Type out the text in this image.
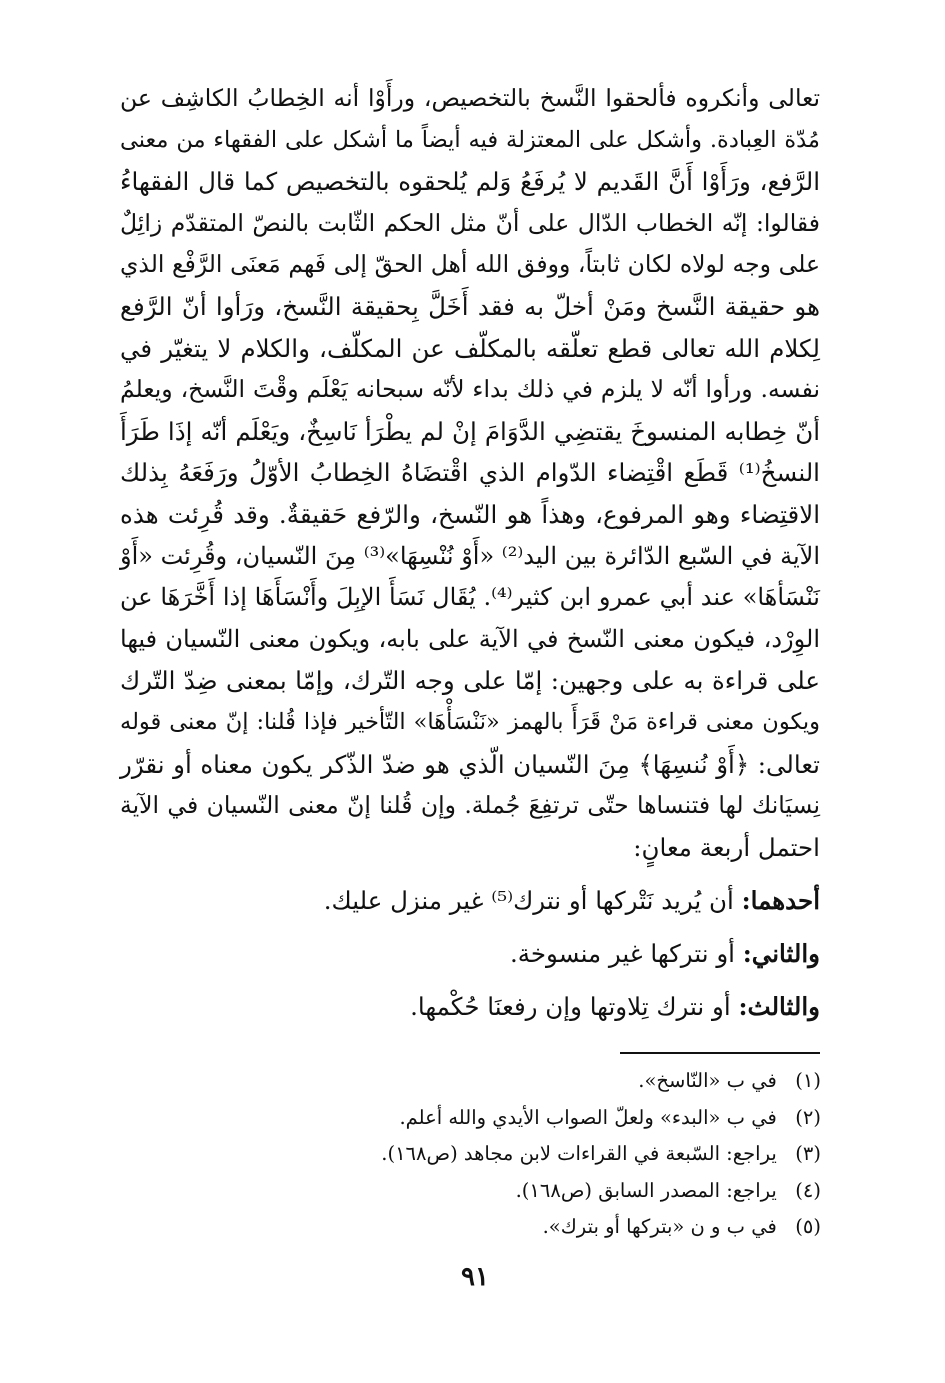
تعالى وأنكروه فألحقوا النَّسخ بالتخصيص، ورأَوْا أنه الخِطابُ الكاشِف عن
مُدّة العِبادة. وأشكل على المعتزلة فيه أيضاً ما أشكل على الفقهاء من معنى
الرَّفع، ورَأَوْا أَنَّ القَديم لا يُرفَعُ وَلم يُلحقوه بالتخصيص كما قال الفقهاءُ
فقالوا: إنّه الخطاب الدّال على أنّ مثل الحكم الثّابت بالنصّ المتقدّم زائِلٌ
على وجه لولاه لكان ثابتاً، ووفق الله أهل الحقّ إلى فَهم مَعنَى الرَّفْع الذي
هو حقيقة النَّسخ ومَنْ أخلّ به فقد أَخَلَّ بِحقيقة النَّسخ، ورَأوا أنّ الرَّفع
لِكلام الله تعالى قطع تعلّقه بالمكلّف عن المكلّف، والكلام لا يتغيّر في
نفسه. ورأوا أنّه لا يلزم في ذلك بداء لأنّه سبحانه يَعْلَم وقْتَ النَّسخ، ويعلمُ
أنّ خِطابه المنسوخَ يقتضِي الدَّوَامَ إنْ لم يطْرَأ نَاسِخٌ، ويَعْلَم أنّه إذَا طَرَأَ
النسخُ⁽¹⁾ قَطَع اقْتِضاء الدّوام الذي اقْتضَاهُ الخِطابُ الأوّلُ ورَفَعَهُ بِذلك
الاقتِضاء وهو المرفوع، وهذاً هو النّسخ، والرّفع حَقيقةٌ. وقد قُرِئت هذه
الآية في السّبع الدّائرة بين اليد⁽²⁾ «أَوْ نُنْسِهَا»⁽³⁾ مِنَ النّسيان، وقُرِئت «أَوْ
نَنْسَأهَا» عند أبي عمرو ابن كثير⁽⁴⁾. يُقَال نَسَأَ الإبِلَ وأَنْسَأَهَا إذا أَخَّرَهَا عن
الوِرْد، فيكون معنى النّسخ في الآية على بابه، ويكون معنى النّسيان فيها
على قراءة به على وجهين: إمّا على وجه التّرك، وإمّا بمعنى ضِدّ التّرك
ويكون معنى قراءة مَنْ قَرَأَ بالهمز «نَنْسَأْهَا» التّأخير فإذا قُلنا: إنّ معنى قوله
تعالى: ﴿أَوْ نُنسِهَا﴾ مِنَ النّسيان الّذي هو ضدّ الذّكر يكون معناه أو نقرّر
نِسيَانك لها فتنساها حتّى ترتفِعَ جُملة. وإن قُلنا إنّ معنى النّسيان في الآية
احتمل أربعة معانٍ:
أحدهما: أن يُريد نَتْركها أو نترك⁽⁵⁾ غير منزل عليك.
والثاني: أو نتركها غير منسوخة.
والثالث: أو نترك تِلاوتها وإن رفعنَا حُكْمها.
(١) في ب «النّاسخ».
(٢) في ب «البدء» ولعلّ الصواب الأيدي والله أعلم.
(٣) يراجع: السّبعة في القراءات لابن مجاهد (ص١٦٨).
(٤) يراجع: المصدر السابق (ص١٦٨).
(٥) في ب و ن «بتركها أو بترك».
٩١
